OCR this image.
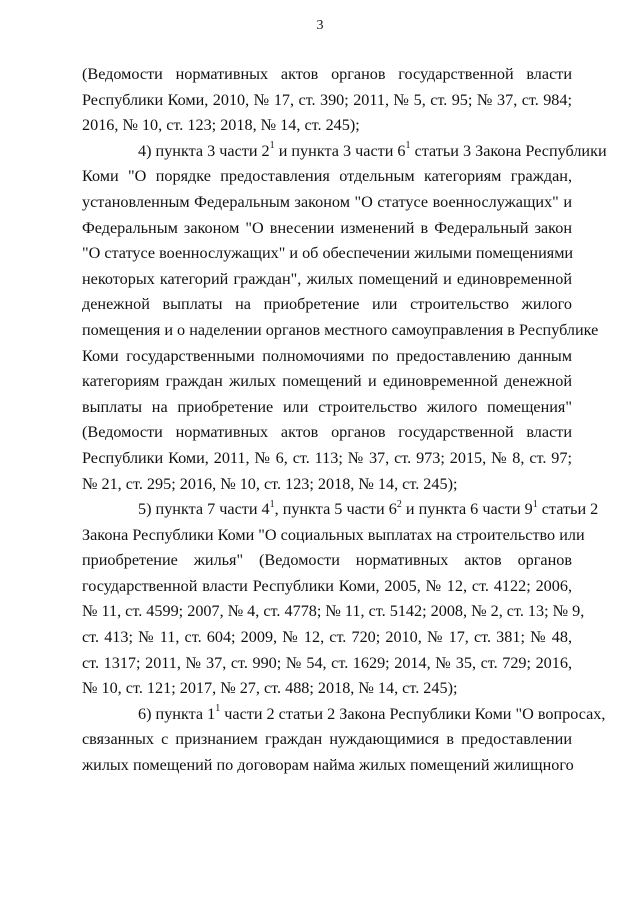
3
(Ведомости нормативных актов органов государственной власти
Республики Коми, 2010, № 17, ст. 390; 2011, № 5, ст. 95; № 37, ст. 984;
2016, № 10, ст. 123; 2018, № 14, ст. 245);
4) пункта 3 части $2^1$ и пункта 3 части $6^1$ статьи 3 Закона Республики
Коми "О порядке предоставления отдельным категориям граждан,
установленным Федеральным законом "О статусе военнослужащих" и
Федеральным законом "О внесении изменений в Федеральный закон
"О статусе военнослужащих" и об обеспечении жилыми помещениями
некоторых категорий граждан", жилых помещений и единовременной
денежной выплаты на приобретение или строительство жилого
помещения и о наделении органов местного самоуправления в Республике
Коми государственными полномочиями по предоставлению данным
категориям граждан жилых помещений и единовременной денежной
выплаты на приобретение или строительство жилого помещения"
(Ведомости нормативных актов органов государственной власти
Республики Коми, 2011, № 6, ст. 113; № 37, ст. 973; 2015, № 8, ст. 97;
№ 21, ст. 295; 2016, № 10, ст. 123; 2018, № 14, ст. 245);
5) пункта 7 части $4^1$, пункта 5 части $6^2$ и пункта 6 части $9^1$ статьи 2
Закона Республики Коми "О социальных выплатах на строительство или
приобретение жилья" (Ведомости нормативных актов органов
государственной власти Республики Коми, 2005, № 12, ст. 4122; 2006,
№ 11, ст. 4599; 2007, № 4, ст. 4778; № 11, ст. 5142; 2008, № 2, ст. 13; № 9,
ст. 413; № 11, ст. 604; 2009, № 12, ст. 720; 2010, № 17, ст. 381; № 48,
ст. 1317; 2011, № 37, ст. 990; № 54, ст. 1629; 2014, № 35, ст. 729; 2016,
№ 10, ст. 121; 2017, № 27, ст. 488; 2018, № 14, ст. 245);
6) пункта $1^1$ части 2 статьи 2 Закона Республики Коми "О вопросах,
связанных с признанием граждан нуждающимися в предоставлении
жилых помещений по договорам найма жилых помещений жилищного
